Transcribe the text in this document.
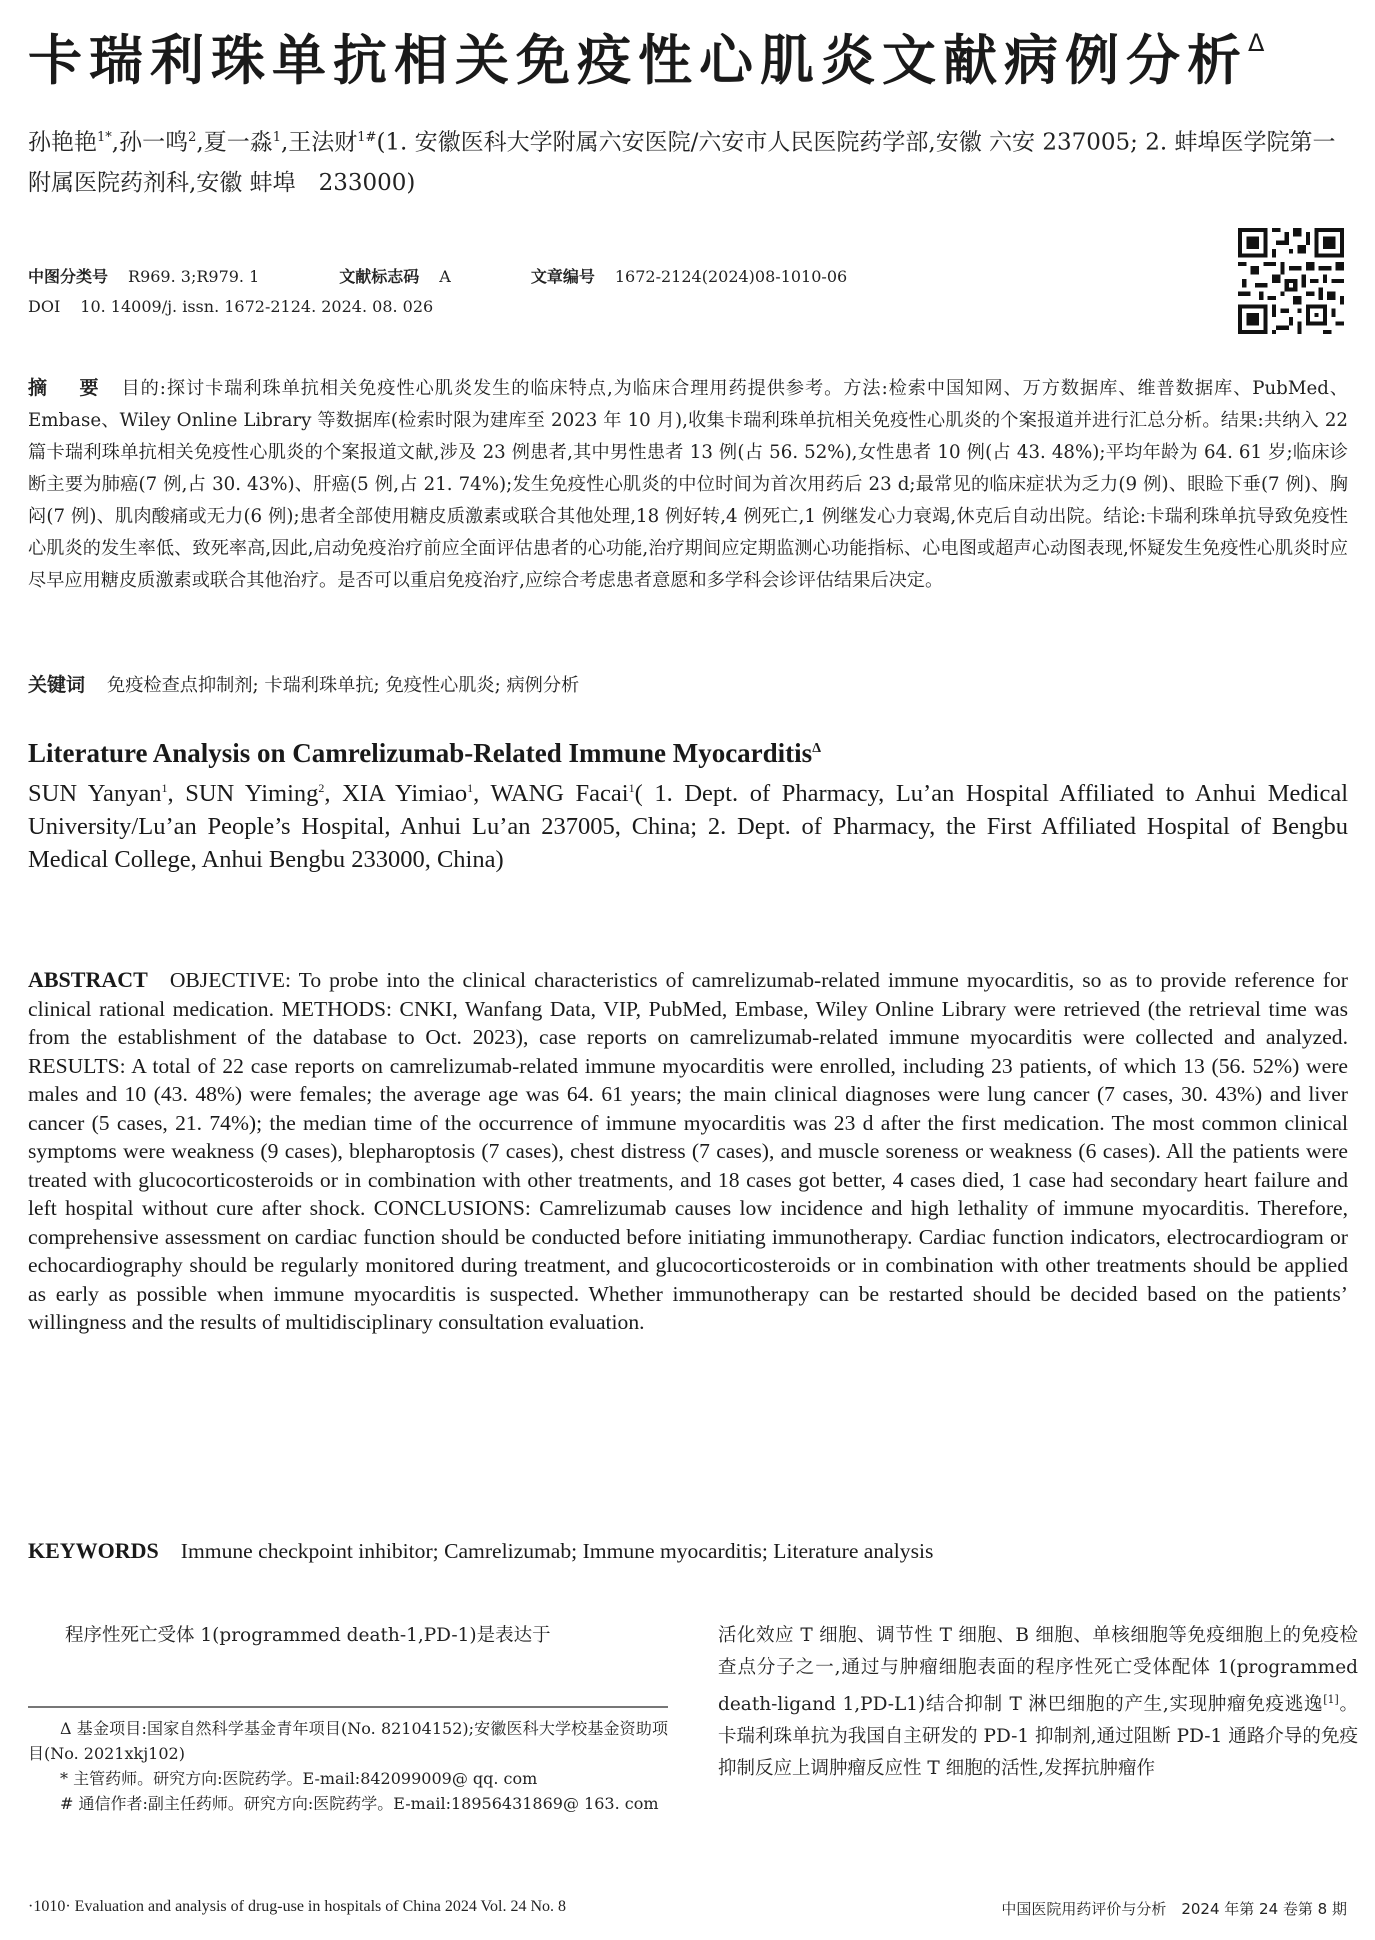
卡瑞利珠单抗相关免疫性心肌炎文献病例分析$^\Delta$
孙艳艳$^{1*}$,孙一鸣$^2$,夏一淼$^1$,王法财$^{1\#}$(1. 安徽医科大学附属六安医院/六安市人民医院药学部,安徽 六安 237005; 2. 蚌埠医学院第一附属医院药剂科,安徽 蚌埠　233000)
中图分类号 R969. 3;R979. 1	文献标志码 A	文章编号 1672-2124(2024)08-1010-06
DOI 10. 14009/j. issn. 1672-2124. 2024. 08. 026
摘 要 目的:探讨卡瑞利珠单抗相关免疫性心肌炎发生的临床特点,为临床合理用药提供参考。方法:检索中国知网、万方数据库、维普数据库、PubMed、Embase、Wiley Online Library 等数据库(检索时限为建库至 2023 年 10 月),收集卡瑞利珠单抗相关免疫性心肌炎的个案报道并进行汇总分析。结果:共纳入 22 篇卡瑞利珠单抗相关免疫性心肌炎的个案报道文献,涉及 23 例患者,其中男性患者 13 例(占 56. 52%),女性患者 10 例(占 43. 48%);平均年龄为 64. 61 岁;临床诊断主要为肺癌(7 例,占 30. 43%)、肝癌(5 例,占 21. 74%);发生免疫性心肌炎的中位时间为首次用药后 23 d;最常见的临床症状为乏力(9 例)、眼睑下垂(7 例)、胸闷(7 例)、肌肉酸痛或无力(6 例);患者全部使用糖皮质激素或联合其他处理,18 例好转,4 例死亡,1 例继发心力衰竭,休克后自动出院。结论:卡瑞利珠单抗导致免疫性心肌炎的发生率低、致死率高,因此,启动免疫治疗前应全面评估患者的心功能,治疗期间应定期监测心功能指标、心电图或超声心动图表现,怀疑发生免疫性心肌炎时应尽早应用糖皮质激素或联合其他治疗。是否可以重启免疫治疗,应综合考虑患者意愿和多学科会诊评估结果后决定。
关键词 免疫检查点抑制剂; 卡瑞利珠单抗; 免疫性心肌炎; 病例分析
Literature Analysis on Camrelizumab-Related Immune Myocarditis$^\Delta$
SUN Yanyan$^1$, SUN Yiming$^2$, XIA Yimiao$^1$, WANG Facai$^1$( 1. Dept. of Pharmacy, Lu’an Hospital Affiliated to Anhui Medical University/Lu’an People’s Hospital, Anhui Lu’an 237005, China; 2. Dept. of Pharmacy, the First Affiliated Hospital of Bengbu Medical College, Anhui Bengbu 233000, China)
ABSTRACT OBJECTIVE: To probe into the clinical characteristics of camrelizumab-related immune myocarditis, so as to provide reference for clinical rational medication. METHODS: CNKI, Wanfang Data, VIP, PubMed, Embase, Wiley Online Library were retrieved (the retrieval time was from the establishment of the database to Oct. 2023), case reports on camrelizumab-related immune myocarditis were collected and analyzed. RESULTS: A total of 22 case reports on camrelizumab-related immune myocarditis were enrolled, including 23 patients, of which 13 (56. 52%) were males and 10 (43. 48%) were females; the average age was 64. 61 years; the main clinical diagnoses were lung cancer (7 cases, 30. 43%) and liver cancer (5 cases, 21. 74%); the median time of the occurrence of immune myocarditis was 23 d after the first medication. The most common clinical symptoms were weakness (9 cases), blepharoptosis (7 cases), chest distress (7 cases), and muscle soreness or weakness (6 cases). All the patients were treated with glucocorticosteroids or in combination with other treatments, and 18 cases got better, 4 cases died, 1 case had secondary heart failure and left hospital without cure after shock. CONCLUSIONS: Camrelizumab causes low incidence and high lethality of immune myocarditis. Therefore, comprehensive assessment on cardiac function should be conducted before initiating immunotherapy. Cardiac function indicators, electrocardiogram or echocardiography should be regularly monitored during treatment, and glucocorticosteroids or in combination with other treatments should be applied as early as possible when immune myocarditis is suspected. Whether immunotherapy can be restarted should be decided based on the patients’ willingness and the results of multidisciplinary consultation evaluation.
KEYWORDS Immune checkpoint inhibitor; Camrelizumab; Immune myocarditis; Literature analysis

程序性死亡受体 1(programmed death-1,PD-1)是表达于

Δ 基金项目:国家自然科学基金青年项目(No. 82104152);安徽医科大学校基金资助项目(No. 2021xkj102)

* 主管药师。研究方向:医院药学。E-mail:842099009@ qq. com

# 通信作者:副主任药师。研究方向:医院药学。E-mail:18956431869@ 163. com

活化效应 T 细胞、调节性 T 细胞、B 细胞、单核细胞等免疫细胞上的免疫检查点分子之一,通过与肿瘤细胞表面的程序性死亡受体配体 1(programmed death-ligand 1,PD-L1)结合抑制 T 淋巴细胞的产生,实现肿瘤免疫逃逸[1]。卡瑞利珠单抗为我国自主研发的 PD-1 抑制剂,通过阻断 PD-1 通路介导的免疫抑制反应上调肿瘤反应性 T 细胞的活性,发挥抗肿瘤作
·1010· Evaluation and analysis of drug-use in hospitals of China 2024 Vol. 24 No. 8	中国医院用药评价与分析　2024 年第 24 卷第 8 期
